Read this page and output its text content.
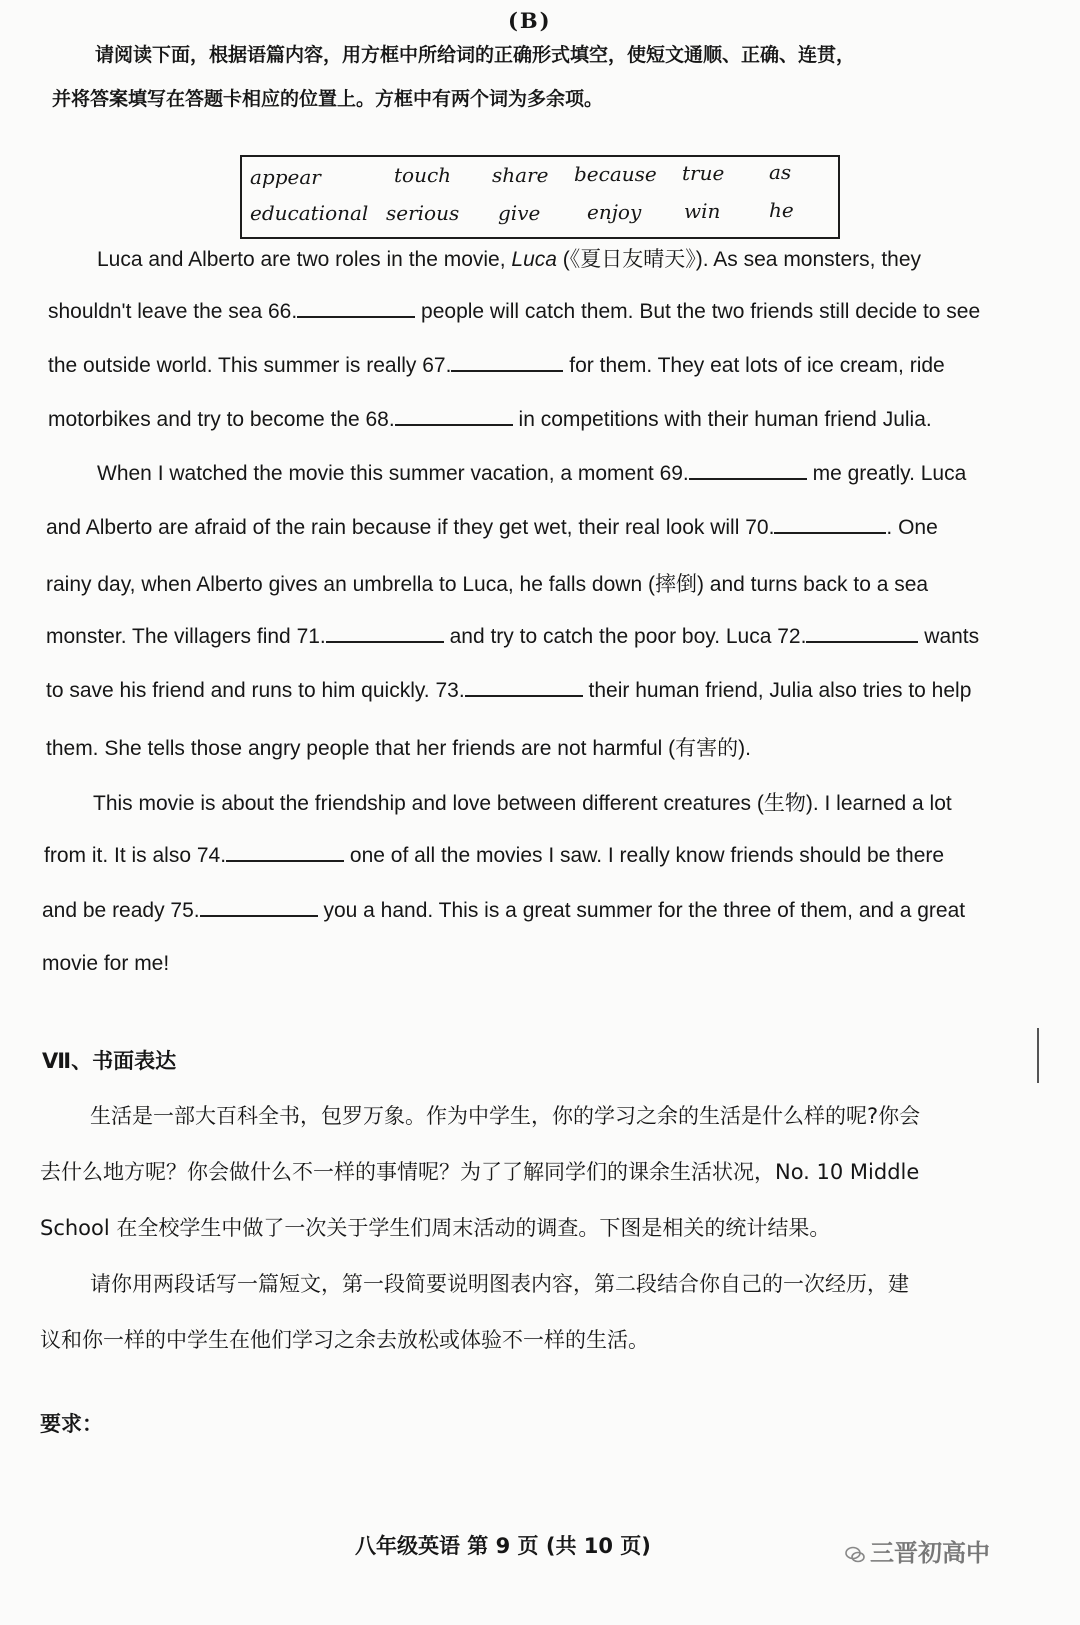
(B)
请阅读下面，根据语篇内容，用方框中所给词的正确形式填空，使短文通顺、正确、连贯，
并将答案填写在答题卡相应的位置上。方框中有两个词为多余项。
appear	touch share because true as
educational serious give enjoy win he
Luca and Alberto are two roles in the movie, Luca (《夏日友晴天》). As sea monsters, they
shouldn't leave the sea 66.	people will catch them. But the two friends still decide to see
the outside world. This summer is really 67.	for them. They eat lots of ice cream, ride
motorbikes and try to become the 68.	in competitions with their human friend Julia.
When I watched the movie this summer vacation, a moment 69.	me greatly. Luca
and Alberto are afraid of the rain because if they get wet, their real look will 70.	. One
rainy day, when Alberto gives an umbrella to Luca, he falls down (摔倒) and turns back to a sea
monster. The villagers find 71.	and try to catch the poor boy. Luca 72.	wants
to save his friend and runs to him quickly. 73.	their human friend, Julia also tries to help
them. She tells those angry people that her friends are not harmful (有害的).
This movie is about the friendship and love between different creatures (生物). I learned a lot
from it. It is also 74.	one of all the movies I saw. I really know friends should be there
and be ready 75.	you a hand. This is a great summer for the three of them, and a great
movie for me!
Ⅶ、书面表达
生活是一部大百科全书，包罗万象。作为中学生，你的学习之余的生活是什么样的呢?你会
去什么地方呢？你会做什么不一样的事情呢？为了了解同学们的课余生活状况，No. 10 Middle
School 在全校学生中做了一次关于学生们周末活动的调查。下图是相关的统计结果。
请你用两段话写一篇短文，第一段简要说明图表内容，第二段结合你自己的一次经历，建
议和你一样的中学生在他们学习之余去放松或体验不一样的生活。
要求：
八年级英语 第 9 页 (共 10 页)	三晋初高中
